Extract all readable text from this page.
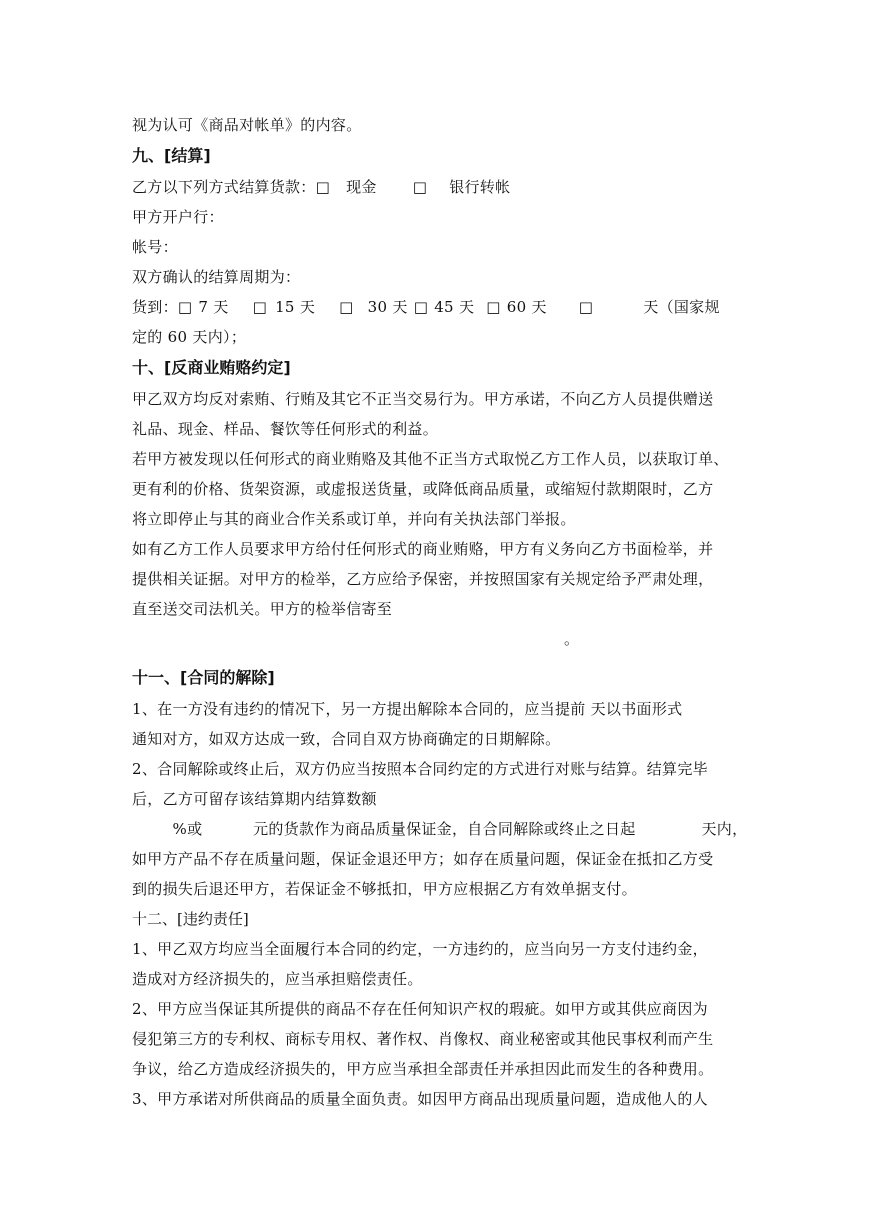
视为认可《商品对帐单》的内容。
九、[结算]
乙方以下列方式结算货款：□ 现金 □ 银行转帐
甲方开户行：
帐号：
双方确认的结算周期为：
货到：□ 7 天 □ 15 天 □ 30 天 □ 45 天 □ 60 天 □	天（国家规
定的 60 天内）；
十、[反商业贿赂约定]
甲乙双方均反对索贿、行贿及其它不正当交易行为。甲方承诺，不向乙方人员提供赠送
礼品、现金、样品、餐饮等任何形式的利益。
若甲方被发现以任何形式的商业贿赂及其他不正当方式取悦乙方工作人员，以获取订单、
更有利的价格、货架资源，或虚报送货量，或降低商品质量，或缩短付款期限时，乙方
将立即停止与其的商业合作关系或订单，并向有关执法部门举报。
如有乙方工作人员要求甲方给付任何形式的商业贿赂，甲方有义务向乙方书面检举，并
提供相关证据。对甲方的检举，乙方应给予保密，并按照国家有关规定给予严肃处理，
直至送交司法机关。甲方的检举信寄至
。
十一、[合同的解除]
1、在一方没有违约的情况下，另一方提出解除本合同的，应当提前 天以书面形式
通知对方，如双方达成一致，合同自双方协商确定的日期解除。
2、合同解除或终止后，双方仍应当按照本合同约定的方式进行对账与结算。结算完毕
后，乙方可留存该结算期内结算数额
%或          元的货款作为商品质量保证金，自合同解除或终止之日起             天内，
如甲方产品不存在质量问题，保证金退还甲方；如存在质量问题，保证金在抵扣乙方受
到的损失后退还甲方，若保证金不够抵扣，甲方应根据乙方有效单据支付。
十二、[违约责任]
1、甲乙双方均应当全面履行本合同的约定，一方违约的，应当向另一方支付违约金，
造成对方经济损失的，应当承担赔偿责任。
2、甲方应当保证其所提供的商品不存在任何知识产权的瑕疵。如甲方或其供应商因为
侵犯第三方的专利权、商标专用权、著作权、肖像权、商业秘密或其他民事权利而产生
争议，给乙方造成经济损失的，甲方应当承担全部责任并承担因此而发生的各种费用。
3、甲方承诺对所供商品的质量全面负责。如因甲方商品出现质量问题，造成他人的人
